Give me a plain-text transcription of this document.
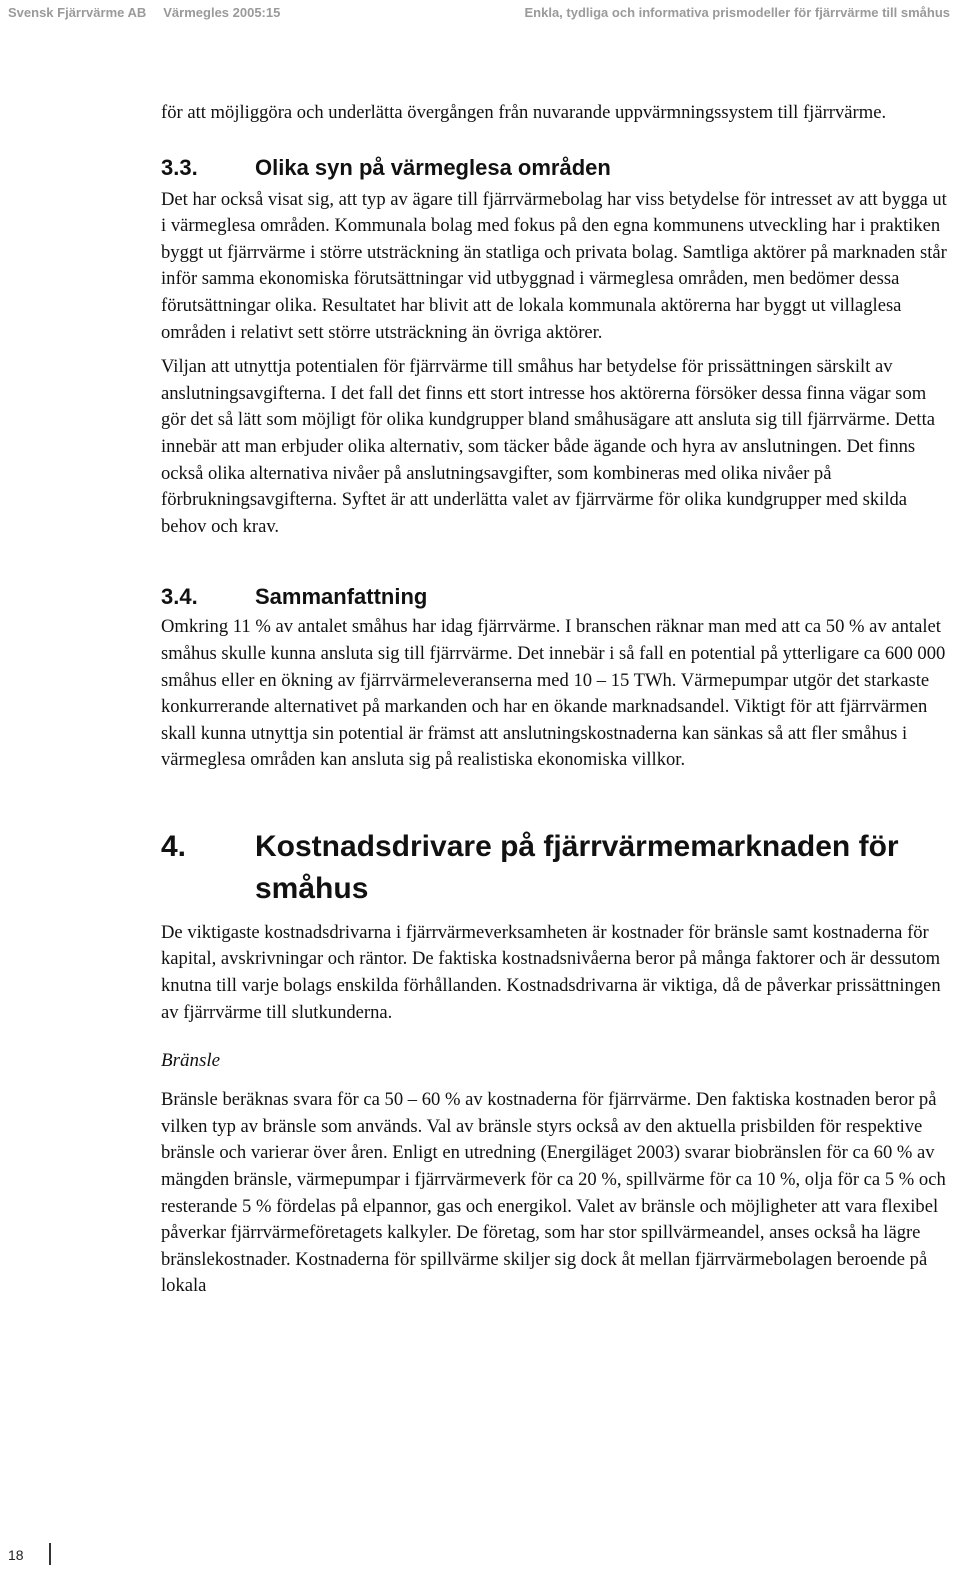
Svensk Fjärrvärme AB Värmegles 2005:15	Enkla, tydliga och informativa prismodeller för fjärrvärme till småhus

för att möjliggöra och underlätta övergången från nuvarande uppvärmningssystem till fjärrvärme.

3.3.	Olika syn på värmeglesa områden

Det har också visat sig, att typ av ägare till fjärrvärmebolag har viss betydelse för intresset av att bygga ut i värmeglesa områden. Kommunala bolag med fokus på den egna kommunens utveckling har i praktiken byggt ut fjärrvärme i större utsträckning än statliga och privata bolag. Samtliga aktörer på marknaden står inför samma ekonomiska förutsättningar vid utbyggnad i värmeglesa områden, men bedömer dessa förutsättningar olika. Resultatet har blivit att de lokala kommunala aktörerna har byggt ut villaglesa områden i relativt sett större utsträckning än övriga aktörer.

Viljan att utnyttja potentialen för fjärrvärme till småhus har betydelse för prissättningen särskilt av anslutningsavgifterna. I det fall det finns ett stort intresse hos aktörerna försöker dessa finna vägar som gör det så lätt som möjligt för olika kundgrupper bland småhusägare att ansluta sig till fjärrvärme. Detta innebär att man erbjuder olika alternativ, som täcker både ägande och hyra av anslutningen. Det finns också olika alternativa nivåer på anslutningsavgifter, som kombineras med olika nivåer på förbrukningsavgifterna. Syftet är att underlätta valet av fjärrvärme för olika kundgrupper med skilda behov och krav.

3.4.	Sammanfattning

Omkring 11 % av antalet småhus har idag fjärrvärme. I branschen räknar man med att ca 50 % av antalet småhus skulle kunna ansluta sig till fjärrvärme. Det innebär i så fall en potential på ytterligare ca 600 000 småhus eller en ökning av fjärrvärmeleveranserna med 10 – 15 TWh. Värmepumpar utgör det starkaste konkurrerande alternativet på markanden och har en ökande marknadsandel. Viktigt för att fjärrvärmen skall kunna utnyttja sin potential är främst att anslutningskostnaderna kan sänkas så att fler småhus i värmeglesa områden kan ansluta sig på realistiska ekonomiska villkor.

4.	Kostnadsdrivare på fjärrvärmemarknaden för småhus

De viktigaste kostnadsdrivarna i fjärrvärmeverksamheten är kostnader för bränsle samt kostnaderna för kapital, avskrivningar och räntor. De faktiska kostnadsnivåerna beror på många faktorer och är dessutom knutna till varje bolags enskilda förhållanden. Kostnadsdrivarna är viktiga, då de påverkar prissättningen av fjärrvärme till slutkunderna.

Bränsle

Bränsle beräknas svara för ca 50 – 60 % av kostnaderna för fjärrvärme. Den faktiska kostnaden beror på vilken typ av bränsle som används. Val av bränsle styrs också av den aktuella prisbilden för respektive bränsle och varierar över åren. Enligt en utredning (Energiläget 2003) svarar biobränslen för ca 60 % av mängden bränsle, värmepumpar i fjärrvärmeverk för ca 20 %, spillvärme för ca 10 %, olja för ca 5 % och resterande 5 % fördelas på elpannor, gas och energikol. Valet av bränsle och möjligheter att vara flexibel påverkar fjärrvärmeföretagets kalkyler. De företag, som har stor spillvärmeandel, anses också ha lägre bränslekostnader. Kostnaderna för spillvärme skiljer sig dock åt mellan fjärrvärmebolagen beroende på lokala

18
